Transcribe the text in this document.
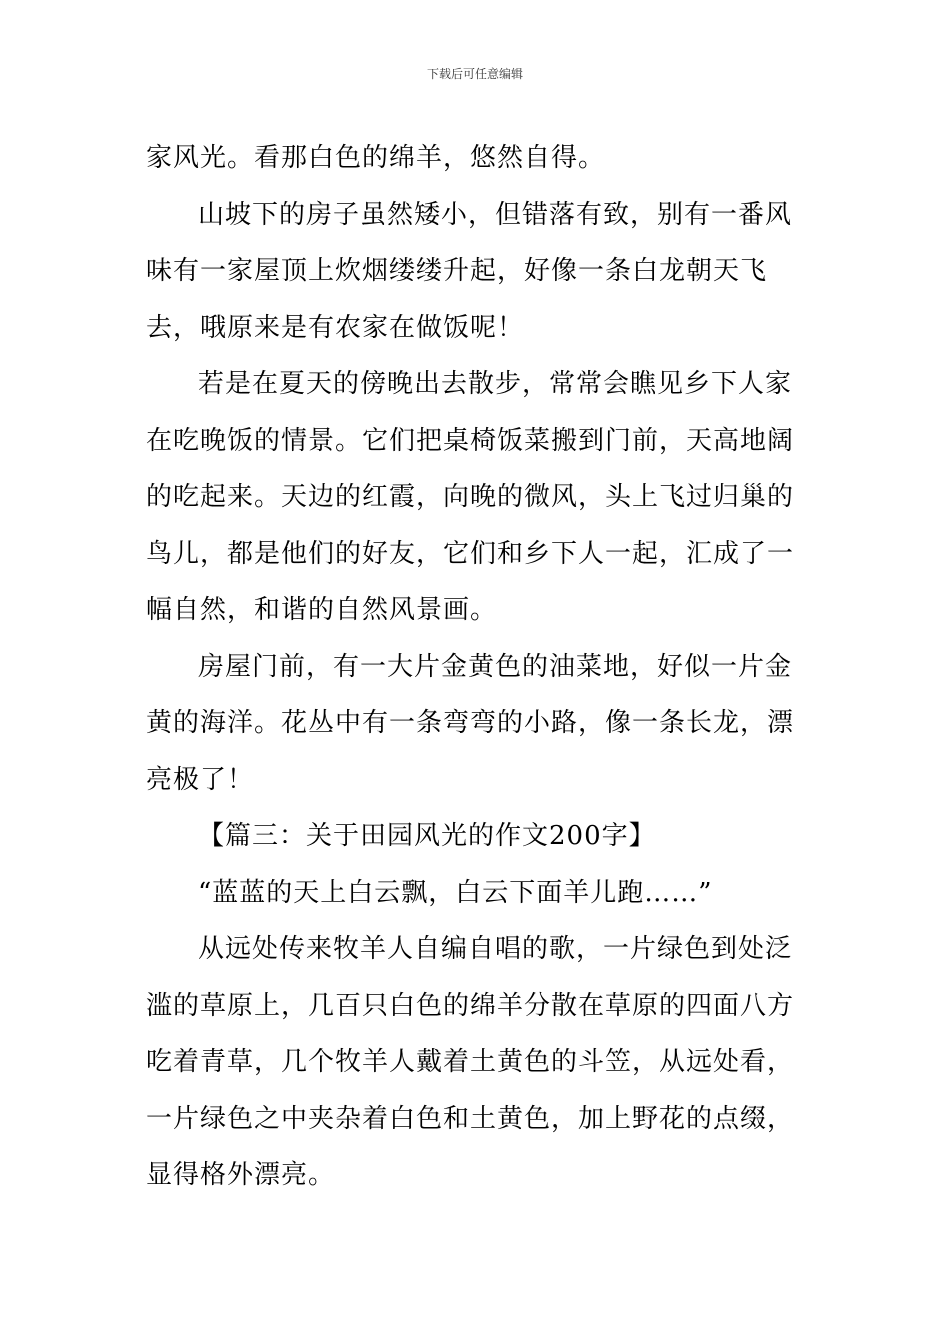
下载后可任意编辑

家风光。看那白色的绵羊，悠然自得。

山坡下的房子虽然矮小，但错落有致，别有一番风味有一家屋顶上炊烟缕缕升起，好像一条白龙朝天飞去，哦原来是有农家在做饭呢！

若是在夏天的傍晚出去散步，常常会瞧见乡下人家在吃晚饭的情景。它们把桌椅饭菜搬到门前，天高地阔的吃起来。天边的红霞，向晚的微风，头上飞过归巢的鸟儿，都是他们的好友，它们和乡下人一起，汇成了一幅自然，和谐的自然风景画。

房屋门前，有一大片金黄色的油菜地，好似一片金黄的海洋。花丛中有一条弯弯的小路，像一条长龙，漂亮极了！

【篇三：关于田园风光的作文200字】

“蓝蓝的天上白云飘，白云下面羊儿跑……”

从远处传来牧羊人自编自唱的歌，一片绿色到处泛滥的草原上，几百只白色的绵羊分散在草原的四面八方吃着青草，几个牧羊人戴着土黄色的斗笠，从远处看，一片绿色之中夹杂着白色和土黄色，加上野花的点缀，显得格外漂亮。
